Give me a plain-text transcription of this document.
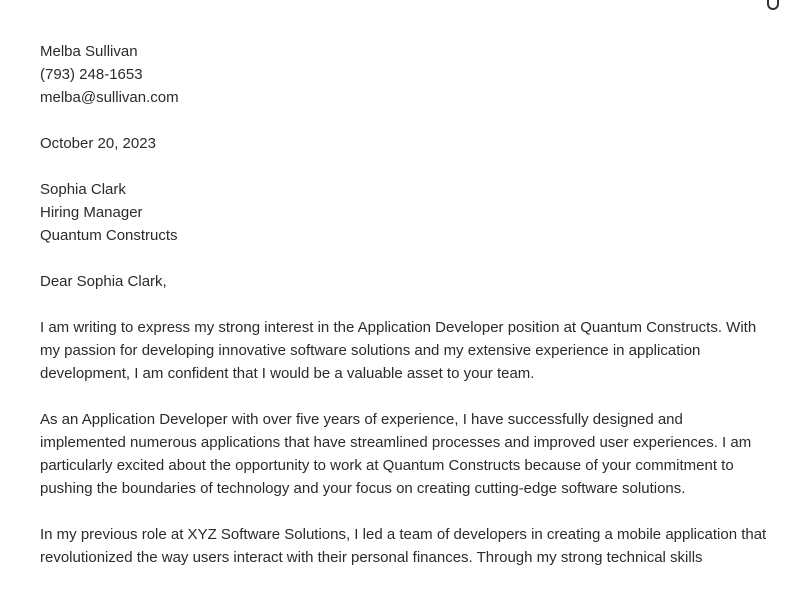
Melba Sullivan
(793) 248-1653
melba@sullivan.com

October 20, 2023

Sophia Clark
Hiring Manager
Quantum Constructs

Dear Sophia Clark,

I am writing to express my strong interest in the Application Developer position at Quantum Constructs. With my passion for developing innovative software solutions and my extensive experience in application development, I am confident that I would be a valuable asset to your team.

As an Application Developer with over five years of experience, I have successfully designed and implemented numerous applications that have streamlined processes and improved user experiences. I am particularly excited about the opportunity to work at Quantum Constructs because of your commitment to pushing the boundaries of technology and your focus on creating cutting-edge software solutions.

In my previous role at XYZ Software Solutions, I led a team of developers in creating a mobile application that revolutionized the way users interact with their personal finances. Through my strong technical skills
